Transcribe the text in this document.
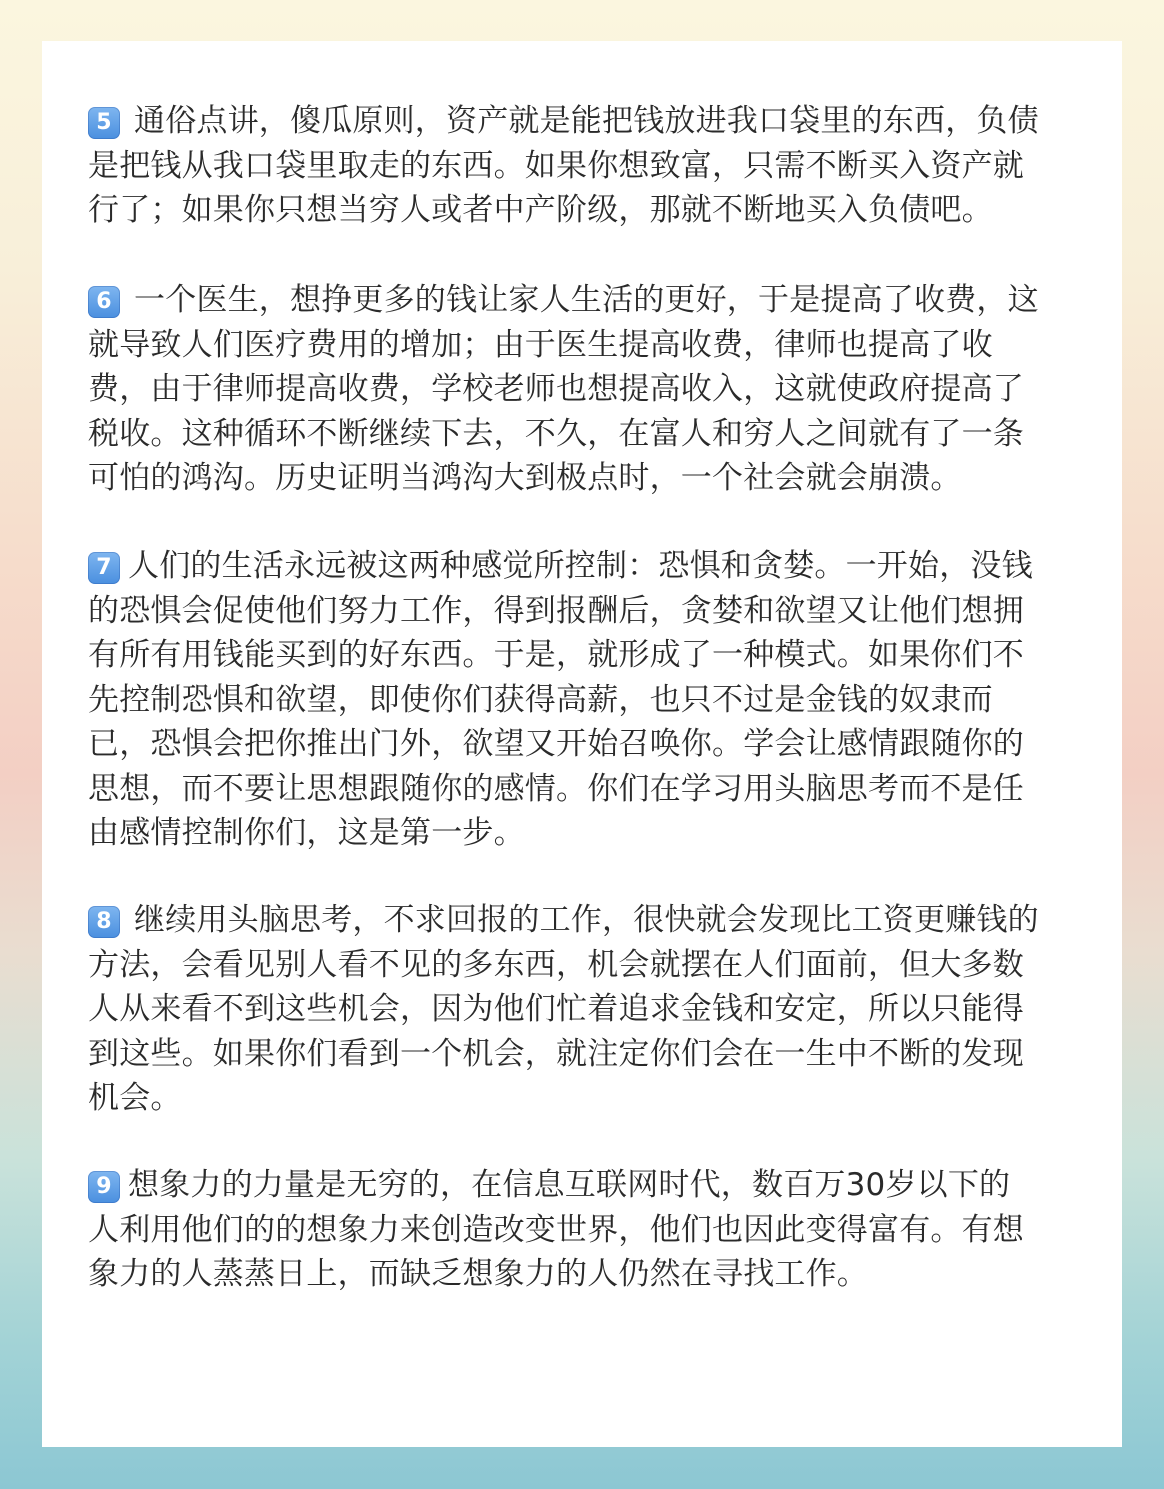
5 通俗点讲，傻瓜原则，资产就是能把钱放进我口袋里的东西，负债
是把钱从我口袋里取走的东西。如果你想致富，只需不断买入资产就
行了；如果你只想当穷人或者中产阶级，那就不断地买入负债吧。

6 一个医生，想挣更多的钱让家人生活的更好，于是提高了收费，这
就导致人们医疗费用的增加；由于医生提高收费，律师也提高了收
费，由于律师提高收费，学校老师也想提高收入，这就使政府提高了
税收。这种循环不断继续下去，不久，在富人和穷人之间就有了一条
可怕的鸿沟。历史证明当鸿沟大到极点时，一个社会就会崩溃。

7 人们的生活永远被这两种感觉所控制：恐惧和贪婪。一开始，没钱
的恐惧会促使他们努力工作，得到报酬后，贪婪和欲望又让他们想拥
有所有用钱能买到的好东西。于是，就形成了一种模式。如果你们不
先控制恐惧和欲望，即使你们获得高薪，也只不过是金钱的奴隶而
已，恐惧会把你推出门外，欲望又开始召唤你。学会让感情跟随你的
思想，而不要让思想跟随你的感情。你们在学习用头脑思考而不是任
由感情控制你们，这是第一步。

8 继续用头脑思考，不求回报的工作，很快就会发现比工资更赚钱的
方法，会看见别人看不见的多东西，机会就摆在人们面前，但大多数
人从来看不到这些机会，因为他们忙着追求金钱和安定，所以只能得
到这些。如果你们看到一个机会，就注定你们会在一生中不断的发现
机会。

9 想象力的力量是无穷的，在信息互联网时代，数百万30岁以下的
人利用他们的的想象力来创造改变世界，他们也因此变得富有。有想
象力的人蒸蒸日上，而缺乏想象力的人仍然在寻找工作。
